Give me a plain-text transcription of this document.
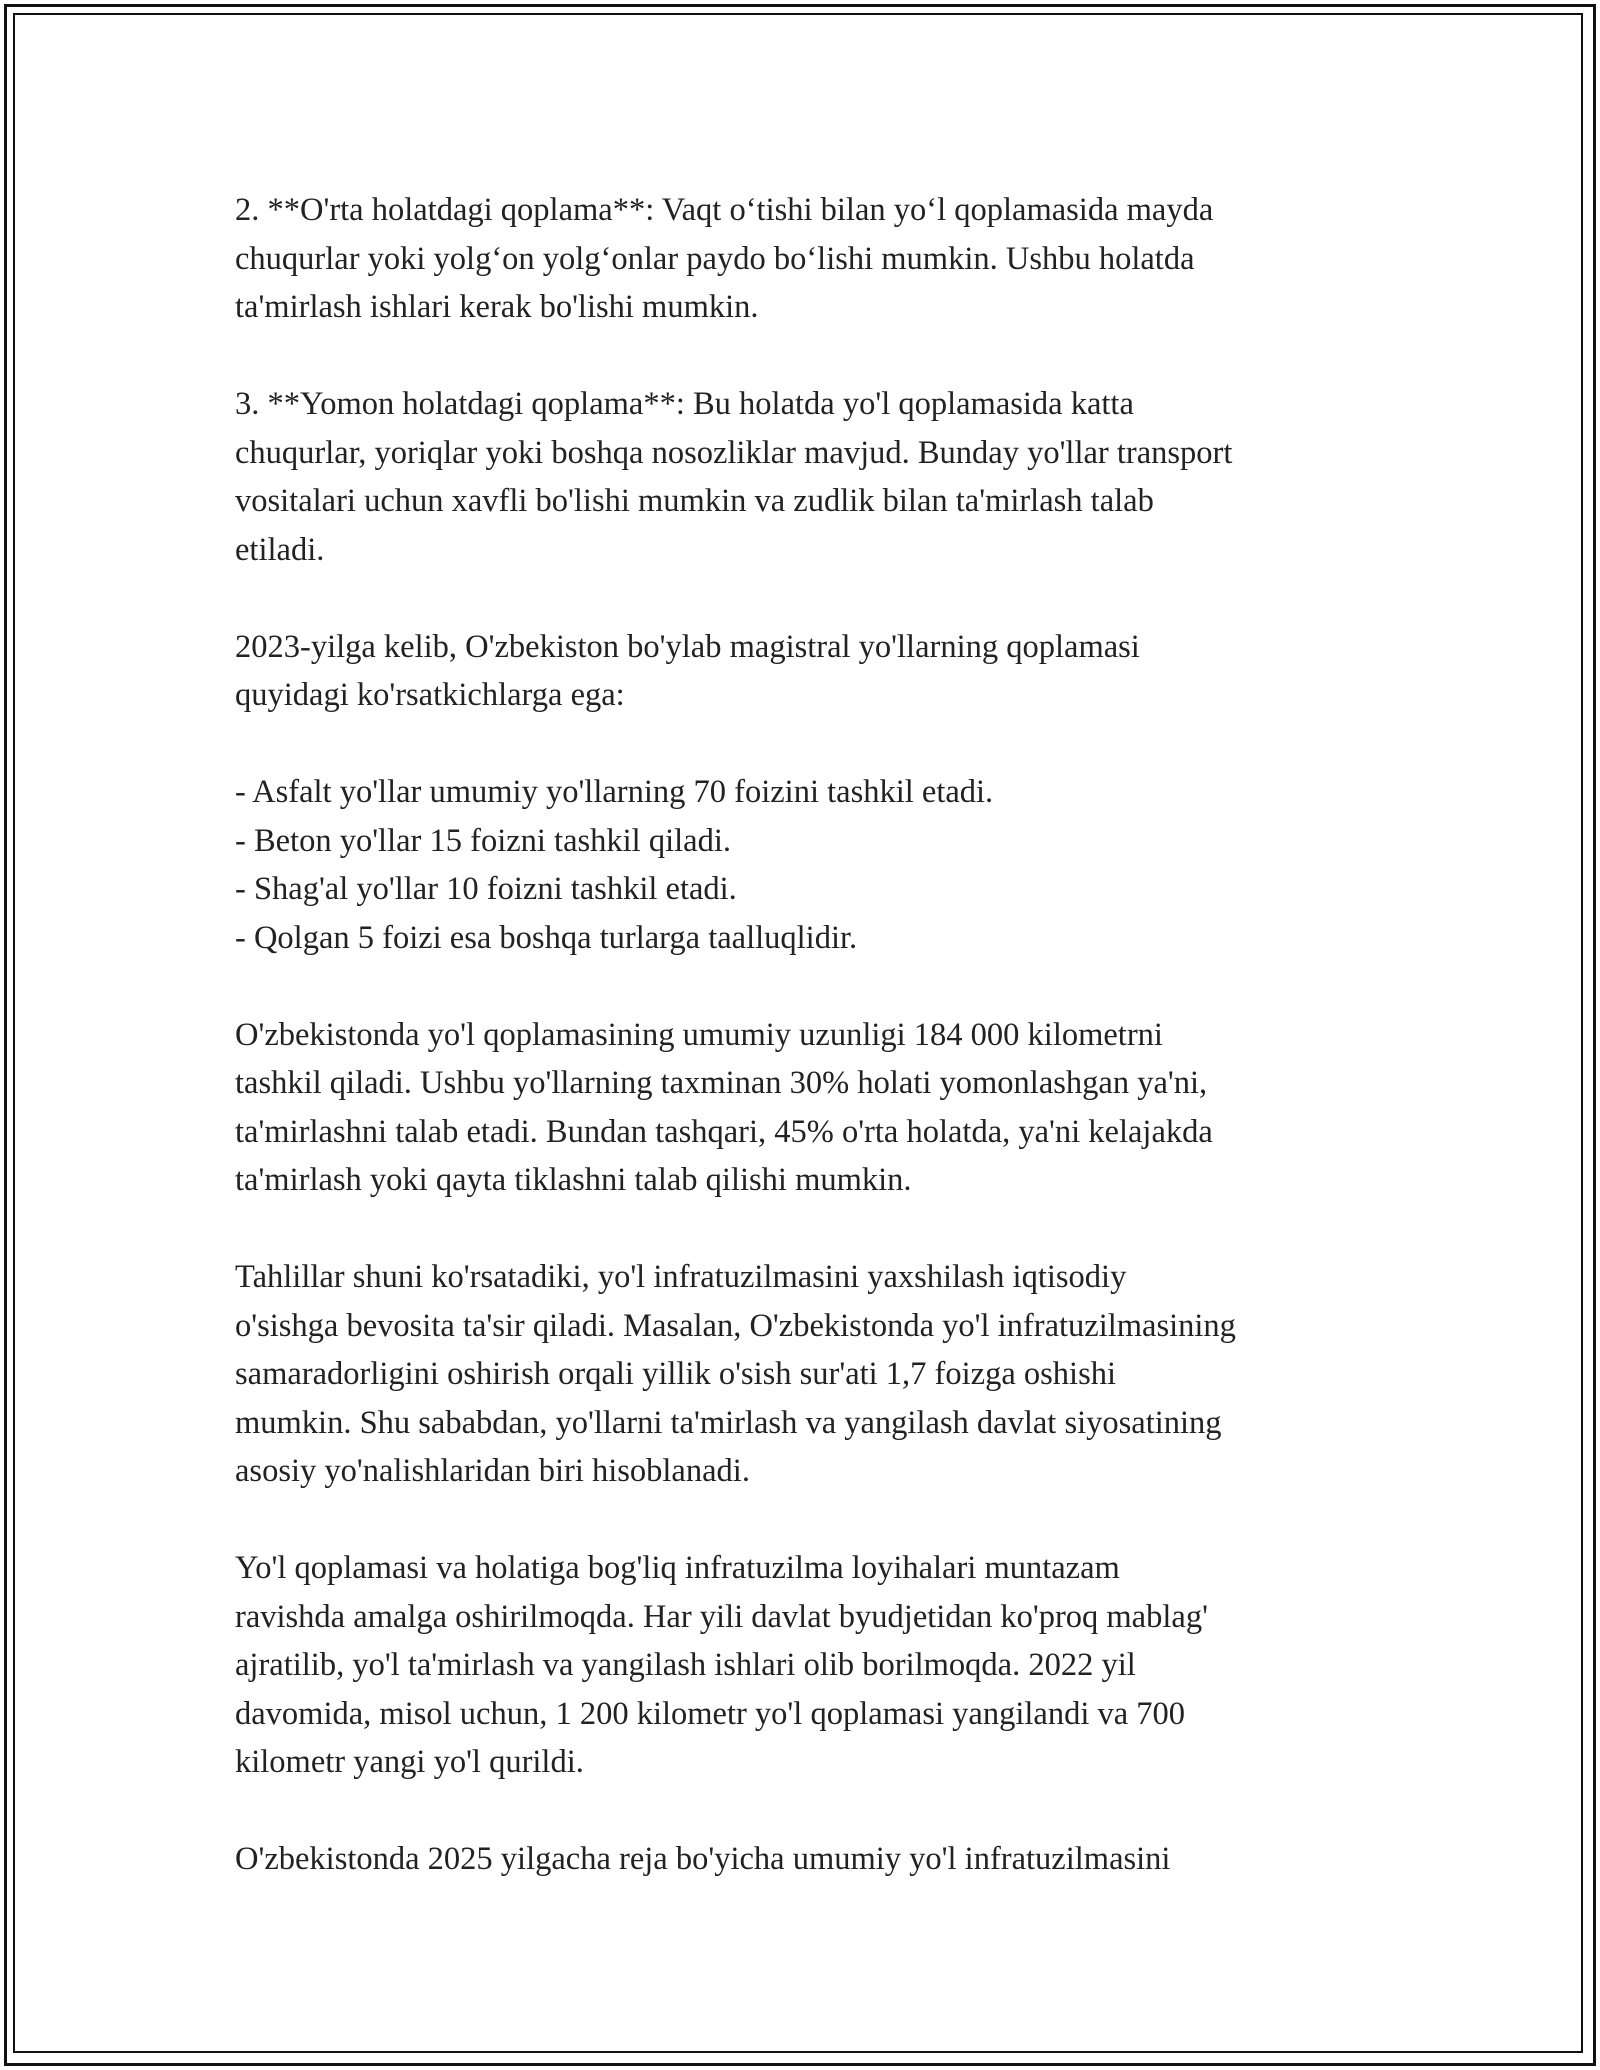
2. **O'rta holatdagi qoplama**: Vaqt o‘tishi bilan yo‘l qoplamasida mayda
chuqurlar yoki yolg‘on yolg‘onlar paydo bo‘lishi mumkin. Ushbu holatda
ta'mirlash ishlari kerak bo'lishi mumkin.

3. **Yomon holatdagi qoplama**: Bu holatda yo'l qoplamasida katta
chuqurlar, yoriqlar yoki boshqa nosozliklar mavjud. Bunday yo'llar transport
vositalari uchun xavfli bo'lishi mumkin va zudlik bilan ta'mirlash talab
etiladi.

2023-yilga kelib, O'zbekiston bo'ylab magistral yo'llarning qoplamasi
quyidagi ko'rsatkichlarga ega:

- Asfalt yo'llar umumiy yo'llarning 70 foizini tashkil etadi.
- Beton yo'llar 15 foizni tashkil qiladi.
- Shag'al yo'llar 10 foizni tashkil etadi.
- Qolgan 5 foizi esa boshqa turlarga taalluqlidir.

O'zbekistonda yo'l qoplamasining umumiy uzunligi 184 000 kilometrni
tashkil qiladi. Ushbu yo'llarning taxminan 30% holati yomonlashgan ya'ni,
ta'mirlashni talab etadi. Bundan tashqari, 45% o'rta holatda, ya'ni kelajakda
ta'mirlash yoki qayta tiklashni talab qilishi mumkin.

Tahlillar shuni ko'rsatadiki, yo'l infratuzilmasini yaxshilash iqtisodiy
o'sishga bevosita ta'sir qiladi. Masalan, O'zbekistonda yo'l infratuzilmasining
samaradorligini oshirish orqali yillik o'sish sur'ati 1,7 foizga oshishi
mumkin. Shu sababdan, yo'llarni ta'mirlash va yangilash davlat siyosatining
asosiy yo'nalishlaridan biri hisoblanadi.

Yo'l qoplamasi va holatiga bog'liq infratuzilma loyihalari muntazam
ravishda amalga oshirilmoqda. Har yili davlat byudjetidan ko'proq mablag'
ajratilib, yo'l ta'mirlash va yangilash ishlari olib borilmoqda. 2022 yil
davomida, misol uchun, 1 200 kilometr yo'l qoplamasi yangilandi va 700
kilometr yangi yo'l qurildi.

O'zbekistonda 2025 yilgacha reja bo'yicha umumiy yo'l infratuzilmasini
